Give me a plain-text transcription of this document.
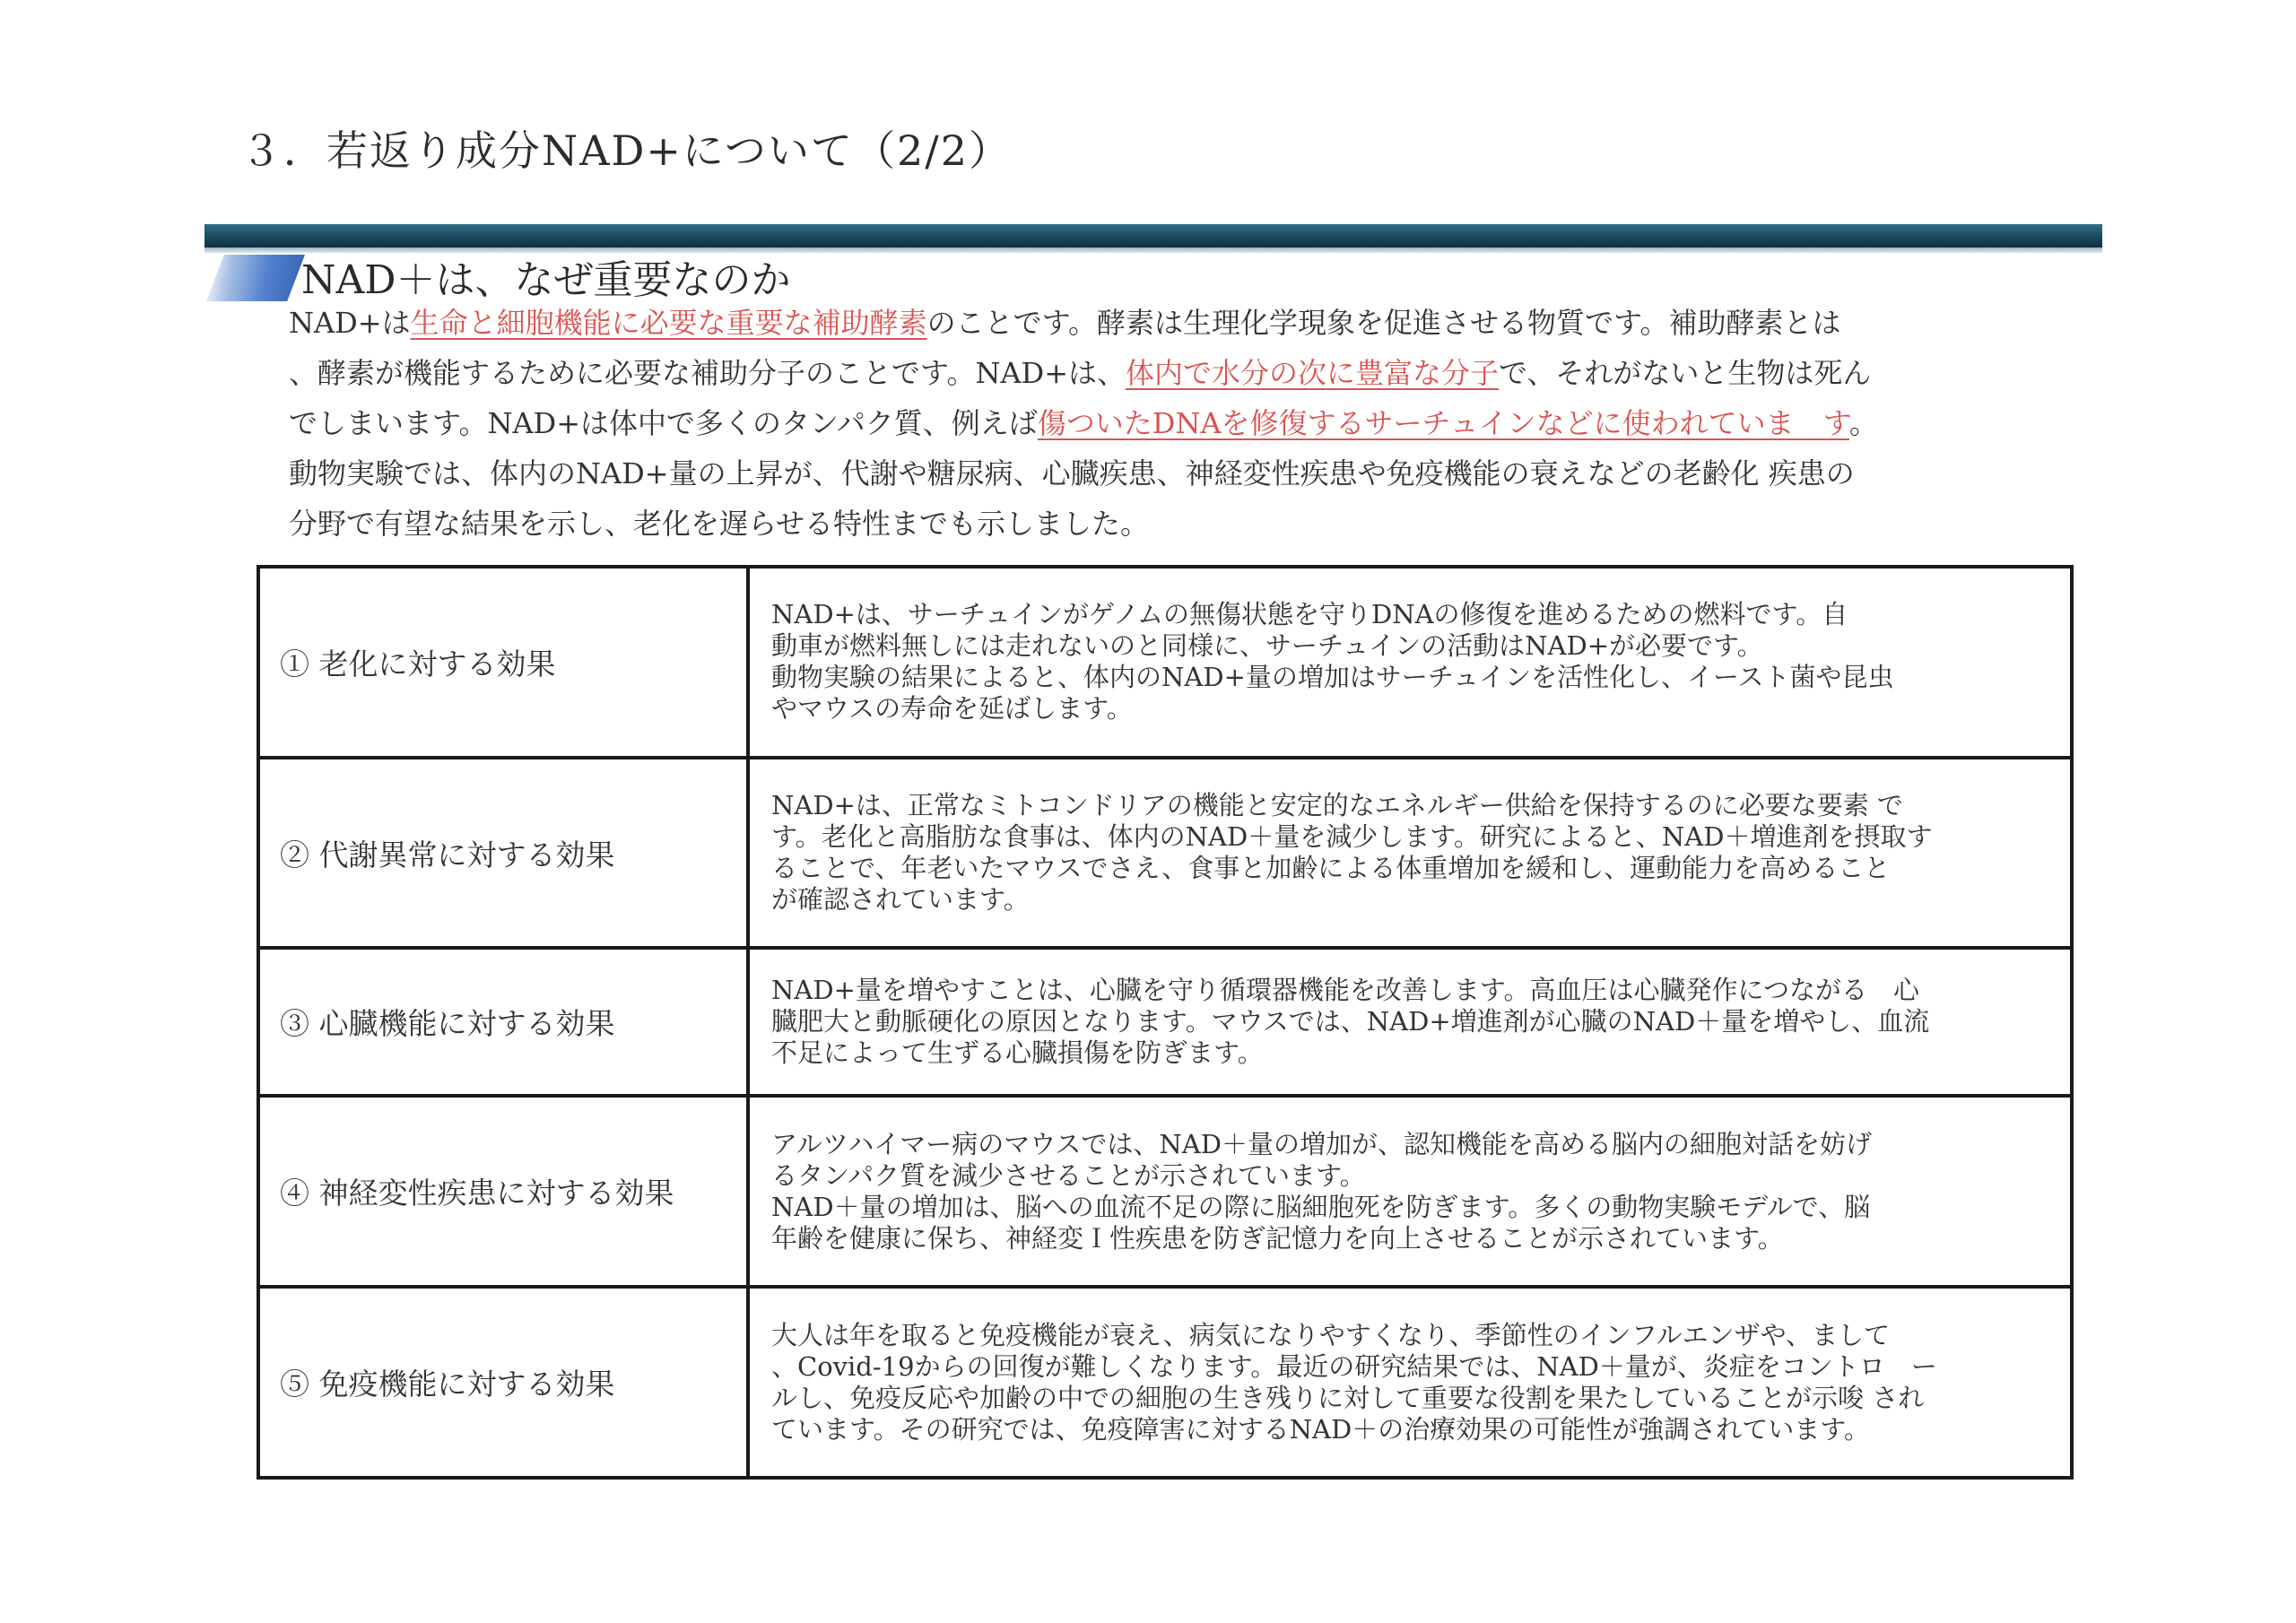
３．若返り成分NAD+について（2/2）
NAD＋は、なぜ重要なのか
NAD+は生命と細胞機能に必要な重要な補助酵素のことです。酵素は生理化学現象を促進させる物質です。補助酵素とは
、酵素が機能するために必要な補助分子のことです。NAD+は、体内で水分の次に豊富な分子で、それがないと生物は死ん
でしまいます。NAD+は体中で多くのタンパク質、例えば傷ついたDNAを修復するサーチュインなどに使われていま　す。
動物実験では、体内のNAD+量の上昇が、代謝や糖尿病、心臓疾患、神経変性疾患や免疫機能の衰えなどの老齢化 疾患の
分野で有望な結果を示し、老化を遅らせる特性までも示しました。
① 老化に対する効果	NAD+は、サーチュインがゲノムの無傷状態を守りDNAの修復を進めるための燃料です。自
動車が燃料無しには走れないのと同様に、サーチュインの活動はNAD+が必要です。
動物実験の結果によると、体内のNAD+量の増加はサーチュインを活性化し、イースト菌や昆虫
やマウスの寿命を延ばします。

② 代謝異常に対する効果	NAD+は、正常なミトコンドリアの機能と安定的なエネルギー供給を保持するのに必要な要素 で
す。老化と高脂肪な食事は、体内のNAD＋量を減少します。研究によると、NAD＋増進剤を摂取す
ることで、年老いたマウスでさえ、食事と加齢による体重増加を緩和し、運動能力を高めること
が確認されています。

③ 心臓機能に対する効果	NAD+量を増やすことは、心臓を守り循環器機能を改善します。高血圧は心臓発作につながる　心
臓肥大と動脈硬化の原因となります。マウスでは、NAD+増進剤が心臓のNAD＋量を増やし、血流
不足によって生ずる心臓損傷を防ぎます。

④ 神経変性疾患に対する効果	アルツハイマー病のマウスでは、NAD＋量の増加が、認知機能を高める脳内の細胞対話を妨げ
るタンパク質を減少させることが示されています。
NAD＋量の増加は、脳への血流不足の際に脳細胞死を防ぎます。多くの動物実験モデルで、脳
年齢を健康に保ち、神経変Ｉ性疾患を防ぎ記憶力を向上させることが示されています。

⑤ 免疫機能に対する効果	大人は年を取ると免疫機能が衰え、病気になりやすくなり、季節性のインフルエンザや、まして
、Covid-19からの回復が難しくなります。最近の研究結果では、NAD＋量が、炎症をコントロ　ー
ルし、免疫反応や加齢の中での細胞の生き残りに対して重要な役割を果たしていることが示唆 され
ています。その研究では、免疫障害に対するNAD＋の治療効果の可能性が強調されています。
